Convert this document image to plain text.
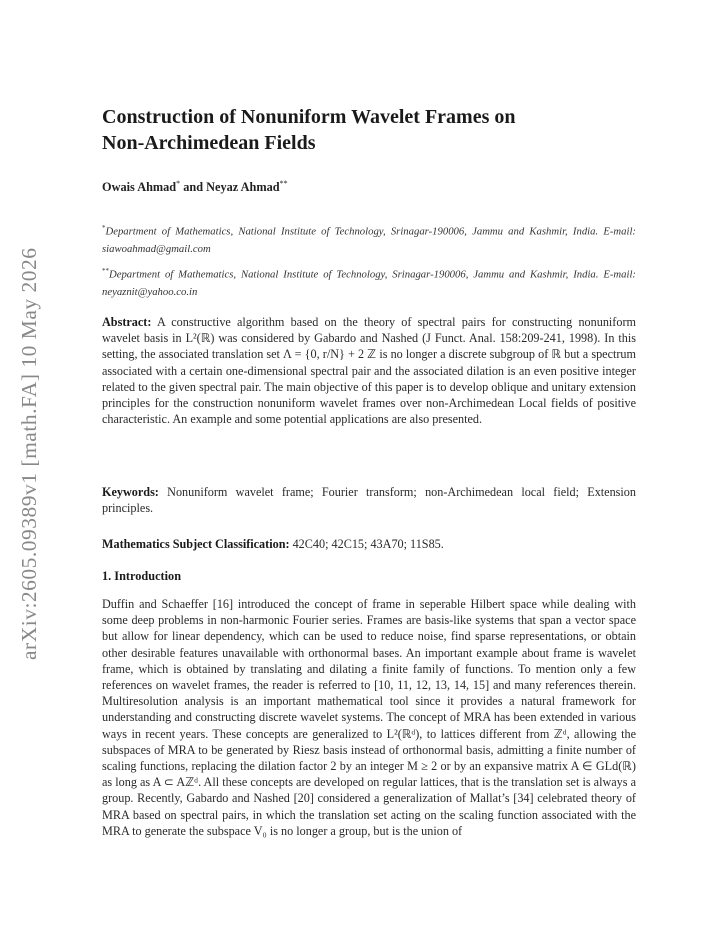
arXiv:2605.09389v1 [math.FA] 10 May 2026
Construction of Nonuniform Wavelet Frames on
Non-Archimedean Fields
Owais Ahmad* and Neyaz Ahmad**
*Department of Mathematics, National Institute of Technology, Srinagar-190006, Jammu and Kashmir, India. E-mail: siawoahmad@gmail.com
**Department of Mathematics, National Institute of Technology, Srinagar-190006, Jammu and Kashmir, India. E-mail: neyaznit@yahoo.co.in
Abstract: A constructive algorithm based on the theory of spectral pairs for constructing nonuniform wavelet basis in L²(ℝ) was considered by Gabardo and Nashed (J Funct. Anal. 158:209-241, 1998). In this setting, the associated translation set Λ = {0, r/N} + 2 ℤ is no longer a discrete subgroup of ℝ but a spectrum associated with a certain one-dimensional spectral pair and the associated dilation is an even positive integer related to the given spectral pair. The main objective of this paper is to develop oblique and unitary extension principles for the construction nonuniform wavelet frames over non-Archimedean Local fields of positive characteristic. An example and some potential applications are also presented.
Keywords: Nonuniform wavelet frame; Fourier transform; non-Archimedean local field; Extension principles.
Mathematics Subject Classification: 42C40; 42C15; 43A70; 11S85.
1. Introduction
Duffin and Schaeffer [16] introduced the concept of frame in seperable Hilbert space while dealing with some deep problems in non-harmonic Fourier series. Frames are basis-like systems that span a vector space but allow for linear dependency, which can be used to reduce noise, find sparse representations, or obtain other desirable features unavailable with orthonormal bases. An important example about frame is wavelet frame, which is obtained by translating and dilating a finite family of functions. To mention only a few references on wavelet frames, the reader is referred to [10, 11, 12, 13, 14, 15] and many references therein. Multiresolution analysis is an important mathematical tool since it provides a natural framework for understanding and constructing discrete wavelet systems. The concept of MRA has been extended in various ways in recent years. These concepts are generalized to L²(ℝᵈ), to lattices different from ℤᵈ, allowing the subspaces of MRA to be generated by Riesz basis instead of orthonormal basis, admitting a finite number of scaling functions, replacing the dilation factor 2 by an integer M ≥ 2 or by an expansive matrix A ∈ GLd(ℝ) as long as A ⊂ Aℤᵈ. All these concepts are developed on regular lattices, that is the translation set is always a group. Recently, Gabardo and Nashed [20] considered a generalization of Mallat’s [34] celebrated theory of MRA based on spectral pairs, in which the translation set acting on the scaling function associated with the MRA to generate the subspace V₀ is no longer a group, but is the union of
